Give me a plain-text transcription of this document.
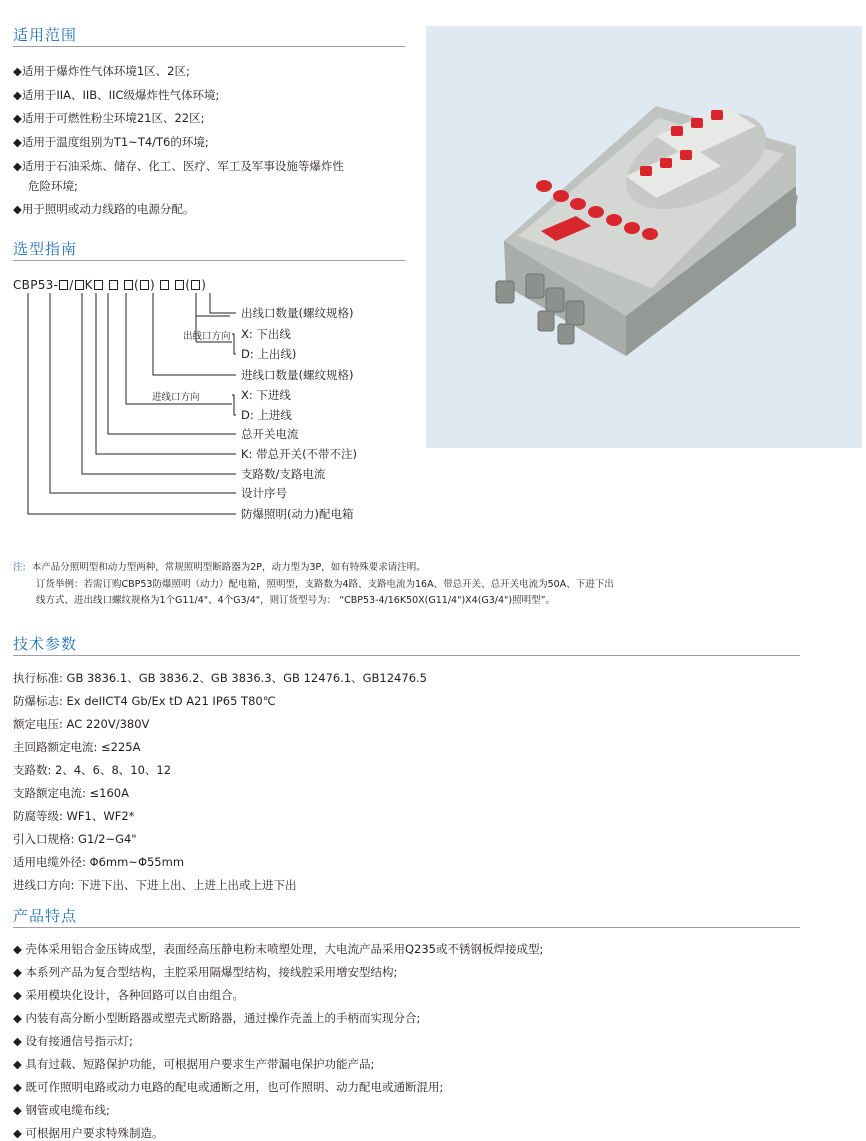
适用范围
◆适用于爆炸性气体环境1区、2区;
◆适用于IIA、IIB、IIC级爆炸性气体环境;
◆适用于可燃性粉尘环境21区、22区;
◆适用于温度组别为T1~T4/T6的环境;
◆适用于石油采炼、储存、化工、医疗、军工及军事设施等爆炸性
危险环境;
◆用于照明或动力线路的电源分配。
选型指南
CBP53- / K	( )	( )
出线口数量(螺纹规格)
出线口方向 X: 下出线
D: 上出线)
进线口数量(螺纹规格)
进线口方向	X: 下进线
D: 上进线
总开关电流
K: 带总开关(不带不注)
支路数/支路电流
设计序号
防爆照明(动力)配电箱
注: 本产品分照明型和动力型两种，常规照明型断路器为2P，动力型为3P，如有特殊要求请注明。
订货举例：若需订购CBP53防爆照明（动力）配电箱，照明型，支路数为4路、支路电流为16A、带总开关、总开关电流为50A、下进下出
线方式、进出线口螺纹规格为1个G11/4"、4个G3/4"，则订货型号为： “CBP53-4/16K50X(G11/4")X4(G3/4")照明型”。
技术参数
执行标准: GB 3836.1、GB 3836.2、GB 3836.3、GB 12476.1、GB12476.5
防爆标志: Ex deIICT4 Gb/Ex tD A21 IP65 T80℃
额定电压: AC 220V/380V
主回路额定电流: ≤225A
支路数: 2、4、6、8、10、12
支路额定电流: ≤160A
防腐等级: WF1、WF2*
引入口规格: G1/2~G4"
适用电缆外径: Φ6mm~Φ55mm
进线口方向: 下进下出、下进上出、上进上出或上进下出
产品特点
◆ 壳体采用铝合金压铸成型，表面经高压静电粉末喷塑处理，大电流产品采用Q235或不锈钢板焊接成型;
◆ 本系列产品为复合型结构，主腔采用隔爆型结构，接线腔采用增安型结构;
◆ 采用模块化设计，各种回路可以自由组合。
◆ 内装有高分断小型断路器或塑壳式断路器，通过操作壳盖上的手柄而实现分合;
◆ 设有接通信号指示灯;
◆ 具有过载、短路保护功能，可根据用户要求生产带漏电保护功能产品;
◆ 既可作照明电路或动力电路的配电或通断之用，也可作照明、动力配电或通断混用;
◆ 钢管或电缆布线;
◆ 可根据用户要求特殊制造。
